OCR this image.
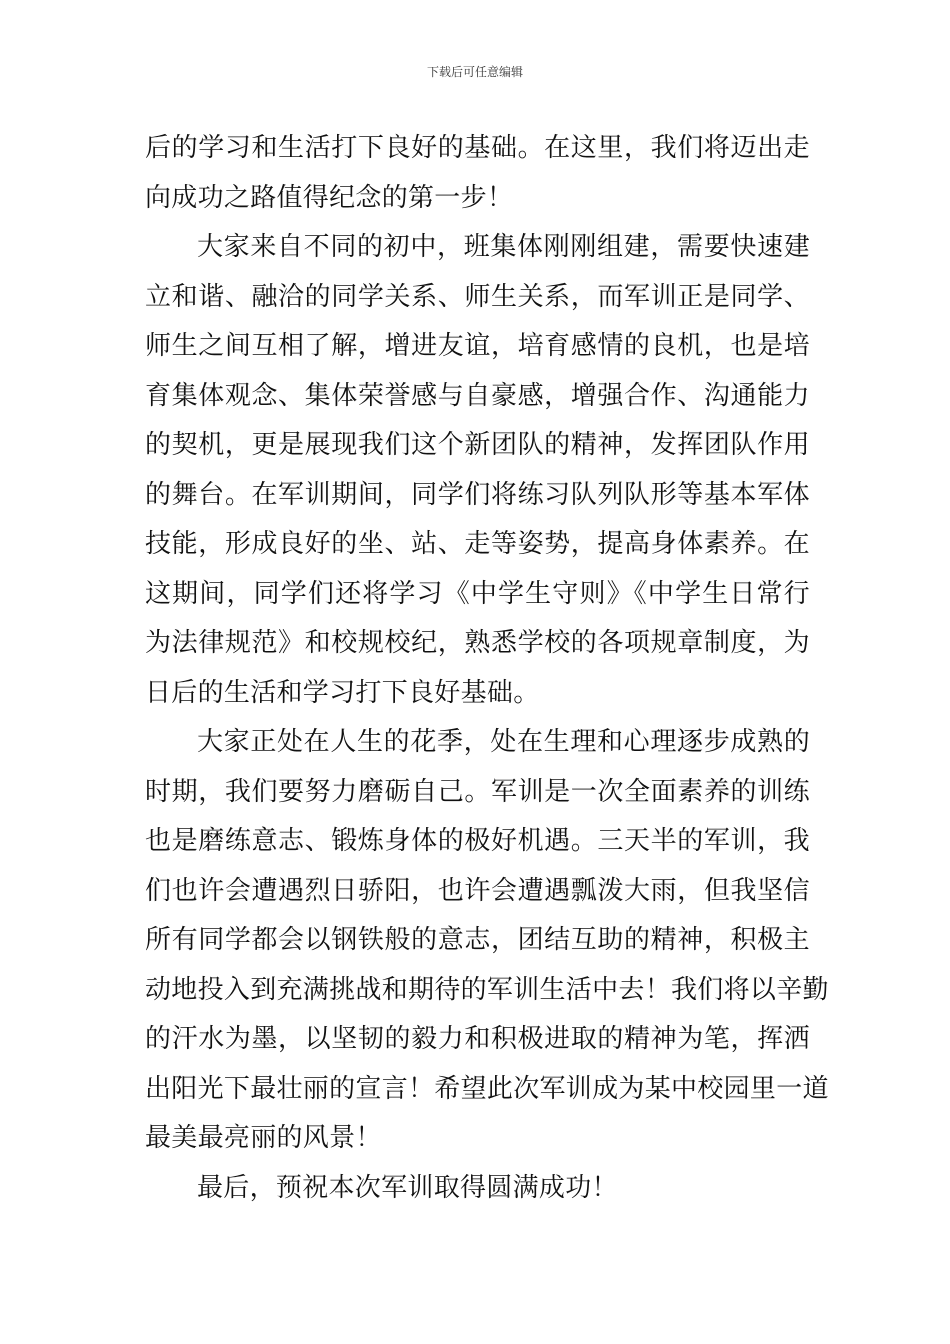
下载后可任意编辑
后的学习和生活打下良好的基础。在这里，我们将迈出走
向成功之路值得纪念的第一步！
大家来自不同的初中，班集体刚刚组建，需要快速建
立和谐、融洽的同学关系、师生关系，而军训正是同学、
师生之间互相了解，增进友谊，培育感情的良机，也是培
育集体观念、集体荣誉感与自豪感，增强合作、沟通能力
的契机，更是展现我们这个新团队的精神，发挥团队作用
的舞台。在军训期间，同学们将练习队列队形等基本军体
技能，形成良好的坐、站、走等姿势，提高身体素养。在
这期间，同学们还将学习《中学生守则》《中学生日常行
为法律规范》和校规校纪，熟悉学校的各项规章制度，为
日后的生活和学习打下良好基础。
大家正处在人生的花季，处在生理和心理逐步成熟的
时期，我们要努力磨砺自己。军训是一次全面素养的训练
也是磨练意志、锻炼身体的极好机遇。三天半的军训，我
们也许会遭遇烈日骄阳，也许会遭遇瓢泼大雨，但我坚信
所有同学都会以钢铁般的意志，团结互助的精神，积极主
动地投入到充满挑战和期待的军训生活中去！我们将以辛勤
的汗水为墨，以坚韧的毅力和积极进取的精神为笔，挥洒
出阳光下最壮丽的宣言！希望此次军训成为某中校园里一道
最美最亮丽的风景！
最后，预祝本次军训取得圆满成功！
